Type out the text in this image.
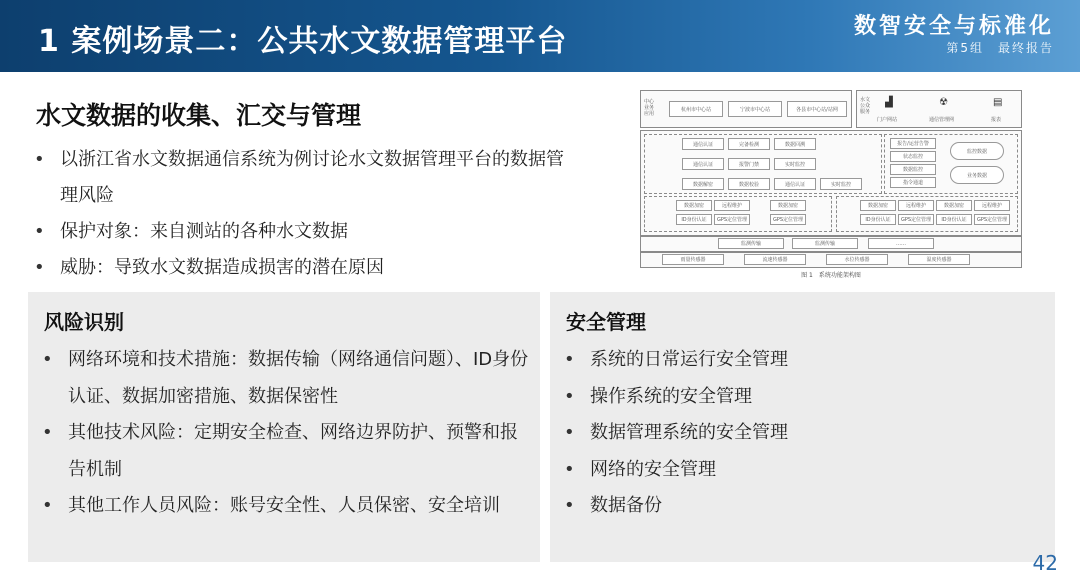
1 案例场景二：公共水文数据管理平台	数智安全与标准化
第5组　最终报告
水文数据的收集、汇交与管理
• 以浙江省水文数据通信系统为例讨论水文数据管理平台的数据管理风险
• 保护对象：来自测站的各种水文数据
• 威胁：导致水文数据造成损害的潜在原因
中心业务应用
杭州市中心站	宁波市中心站	各县市中心站/站网
水文公众服务
▟	☢	▤
门户网站	通信管理网	报表
通信认证	完备检测	数据回溯
通信认证	报警门禁	实时监控
数据解密	数据校验	通信认证	实时监控
报告/运营告警
状态监控
数据监控
指令通道
监控数据
业务数据
数据加密	远程维护
ID身份认证	GPS定位管理
数据加密
GPS定位管理
数据加密	远程维护
ID身份认证	GPS定位管理
数据加密	远程维护
ID身份认证	GPS定位管理
监测传输	监测传输	……
雨量传感器	流速传感器	水位传感器	温度传感器
图 1　系统功能架构图
风险识别
• 网络环境和技术措施：数据传输（网络通信问题）、ID身份认证、数据加密措施、数据保密性
• 其他技术风险：定期安全检查、网络边界防护、预警和报告机制
• 其他工作人员风险：账号安全性、人员保密、安全培训
安全管理
• 系统的日常运行安全管理
• 操作系统的安全管理
• 数据管理系统的安全管理
• 网络的安全管理
• 数据备份
42
